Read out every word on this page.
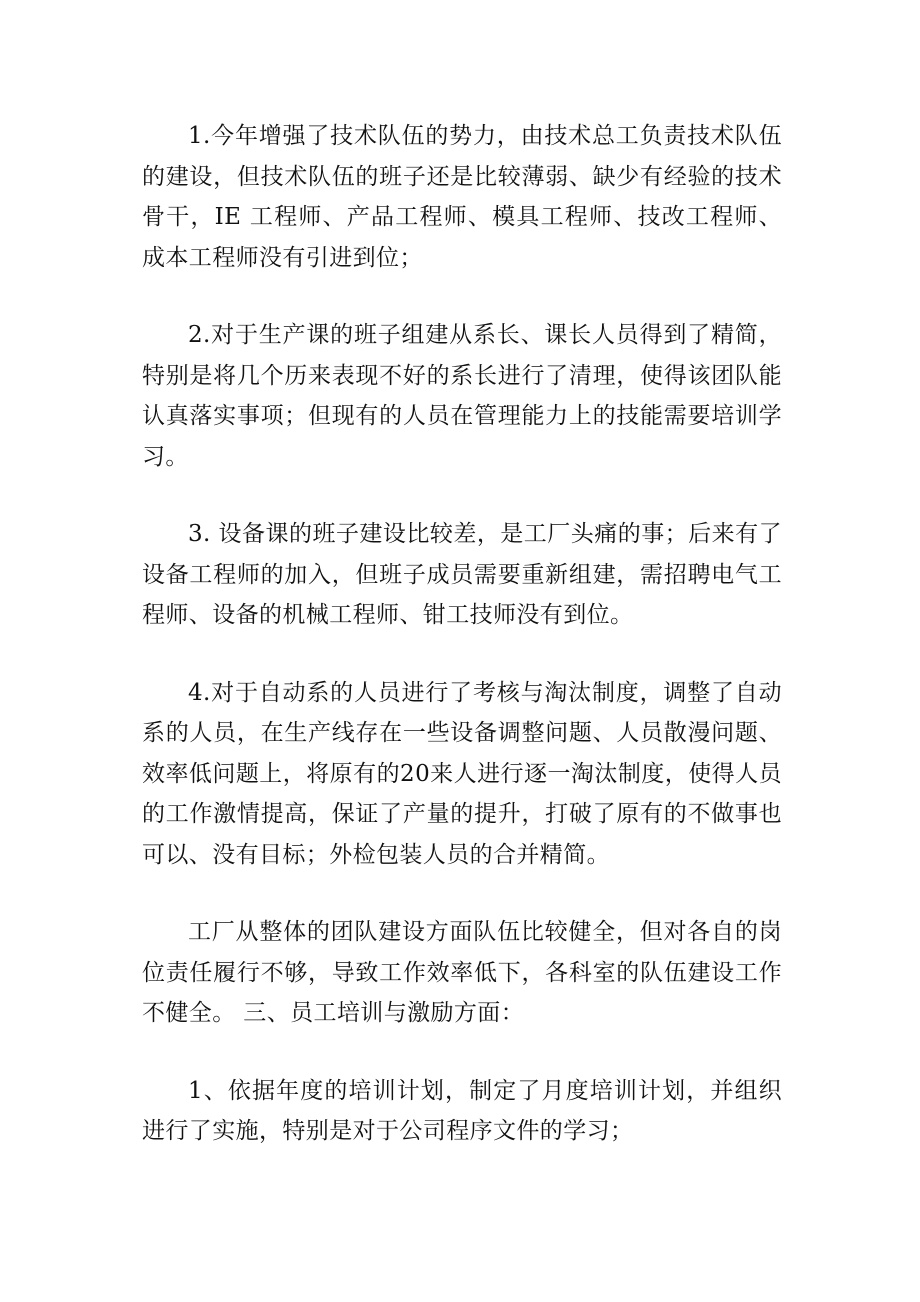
1.今年增强了技术队伍的势力，由技术总工负责技术队伍的建设，但技术队伍的班子还是比较薄弱、缺少有经验的技术骨干，IE 工程师、产品工程师、模具工程师、技改工程师、成本工程师没有引进到位；

2.对于生产课的班子组建从系长、课长人员得到了精简，特别是将几个历来表现不好的系长进行了清理，使得该团队能认真落实事项；但现有的人员在管理能力上的技能需要培训学习。

3. 设备课的班子建设比较差，是工厂头痛的事；后来有了设备工程师的加入，但班子成员需要重新组建，需招聘电气工程师、设备的机械工程师、钳工技师没有到位。

4.对于自动系的人员进行了考核与淘汰制度，调整了自动系的人员，在生产线存在一些设备调整问题、人员散漫问题、效率低问题上，将原有的20来人进行逐一淘汰制度，使得人员的工作激情提高，保证了产量的提升，打破了原有的不做事也可以、没有目标；外检包装人员的合并精简。

工厂从整体的团队建设方面队伍比较健全，但对各自的岗位责任履行不够，导致工作效率低下，各科室的队伍建设工作不健全。 三、员工培训与激励方面：

1、依据年度的培训计划，制定了月度培训计划，并组织进行了实施，特别是对于公司程序文件的学习；
